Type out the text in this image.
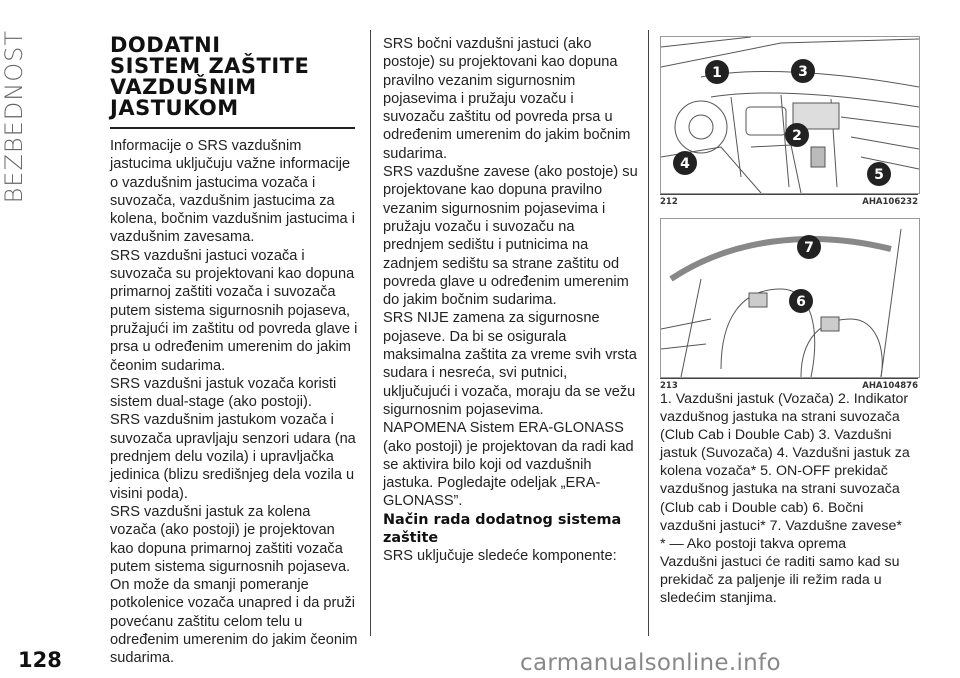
BEZBEDNOST
128
DODATNI
SISTEM ZAŠTITE
VAZDUŠNIM
JASTUKOM

Informacije o SRS vazdušnim jastucima uključuju važne informacije o vazdušnim jastucima vozača i suvozača, vazdušnim jastucima za kolena, bočnim vazdušnim jastucima i vazdušnim zavesama.

SRS vazdušni jastuci vozača i suvozača su projektovani kao dopuna primarnoj zaštiti vozača i suvozača putem sistema sigurnosnih pojaseva, pružajući im zaštitu od povreda glave i prsa u određenim umerenim do jakim čeonim sudarima.

SRS vazdušni jastuk vozača koristi sistem dual-stage (ako postoji).

SRS vazdušnim jastukom vozača i suvozača upravljaju senzori udara (na prednjem delu vozila) i upravljačka jedinica (blizu središnjeg dela vozila u visini poda).

SRS vazdušni jastuk za kolena vozača (ako postoji) je projektovan kao dopuna primarnoj zaštiti vozača putem sistema sigurnosnih pojaseva. On može da smanji pomeranje potkolenice vozača unapred i da pruži povećanu zaštitu celom telu u određenim umerenim do jakim čeonim sudarima.

SRS bočni vazdušni jastuci (ako postoje) su projektovani kao dopuna pravilno vezanim sigurnosnim pojasevima i pružaju vozaču i suvozaču zaštitu od povreda prsa u određenim umerenim do jakim bočnim sudarima.

SRS vazdušne zavese (ako postoje) su projektovane kao dopuna pravilno vezanim sigurnosnim pojasevima i pružaju vozaču i suvozaču na prednjem sedištu i putnicima na zadnjem sedištu sa strane zaštitu od povreda glave u određenim umerenim do jakim bočnim sudarima.

SRS NIJE zamena za sigurnosne pojaseve. Da bi se osigurala maksimalna zaštita za vreme svih vrsta sudara i nesreća, svi putnici, uključujući i vozača, moraju da se vežu sigurnosnim pojasevima.

NAPOMENA Sistem ERA-GLONASS (ako postoji) je projektovan da radi kad se aktivira bilo koji od vazdušnih jastuka. Pogledajte odeljak „ERA-GLONASS”.

Način rada dodatnog sistema zaštite

SRS uključuje sledeće komponente:

1	3
2
4
5
212	AHA106232
7
6
213	AHA104876

1. Vazdušni jastuk (Vozača) 2. Indikator vazdušnog jastuka na strani suvozača (Club Cab i Double Cab) 3. Vazdušni jastuk (Suvozača) 4. Vazdušni jastuk za kolena vozača* 5. ON-OFF prekidač vazdušnog jastuka na strani suvozača (Club cab i Double cab) 6. Bočni vazdušni jastuci* 7. Vazdušne zavese*

* — Ako postoji takva oprema

Vazdušni jastuci će raditi samo kad su prekidač za paljenje ili režim rada u sledećim stanjima.

carmanualsonline.info
